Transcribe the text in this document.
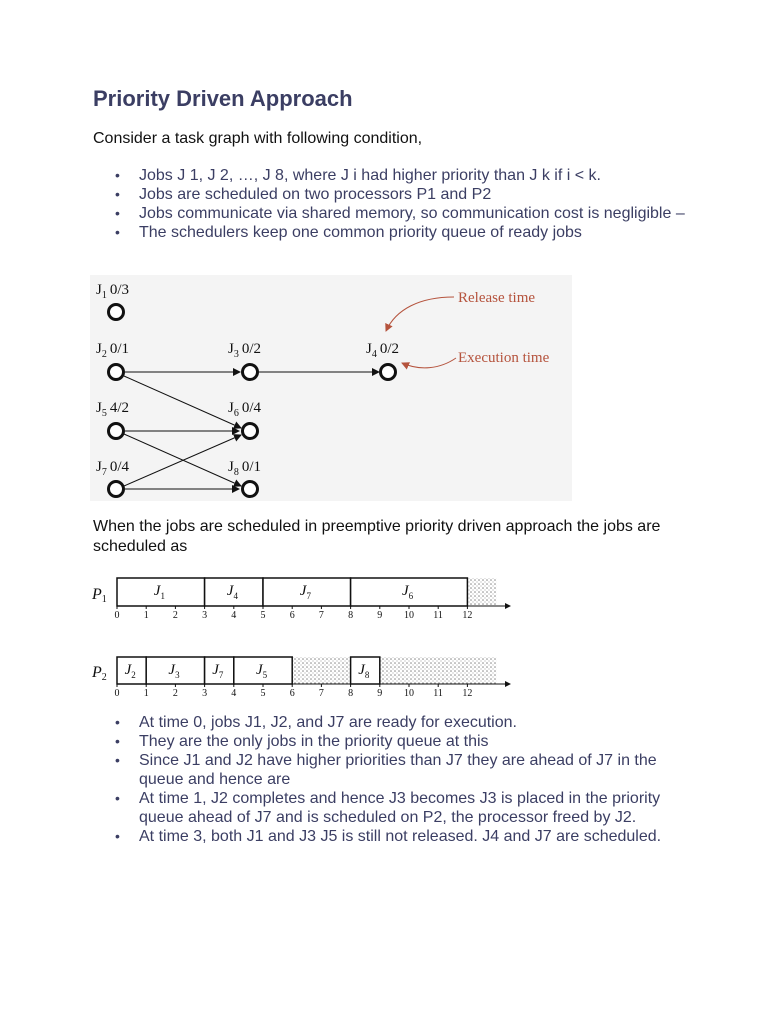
Priority Driven Approach
Consider a task graph with following condition,
• Jobs J 1, J 2, …, J 8, where J i had higher priority than J k if i < k.
• Jobs are scheduled on two processors P1 and P2
• Jobs communicate via shared memory, so communication cost is negligible –
• The schedulers keep one common priority queue of ready jobs
$J_1$ 0/3
$J_2$ 0/1	$J_3$ 0/2	$J_4$ 0/2
$J_5$ 4/2	$J_6$ 0/4
$J_7$ 0/4	$J_8$ 0/1
Release time
Execution time
When the jobs are scheduled in preemptive priority driven approach the jobs are scheduled as
P1
$J_1$	$J_4$	$J_7$	$J_6$
0 1 2 3 4 5 6 7 8 9 10 11 12
P2 $J_2$ $J_3$ $J_7$ $J_5$	$J_8$
0 1 2 3 4 5 6 7 8 9 10 11 12
• At time 0, jobs J1, J2, and J7 are ready for execution.
• They are the only jobs in the priority queue at this
• Since J1 and J2 have higher priorities than J7 they are ahead of J7 in the queue and hence are
• At time 1, J2 completes and hence J3 becomes J3 is placed in the priority queue ahead of J7 and is scheduled on P2, the processor freed by J2.
• At time 3, both J1 and J3 J5 is still not released. J4 and J7 are scheduled.
